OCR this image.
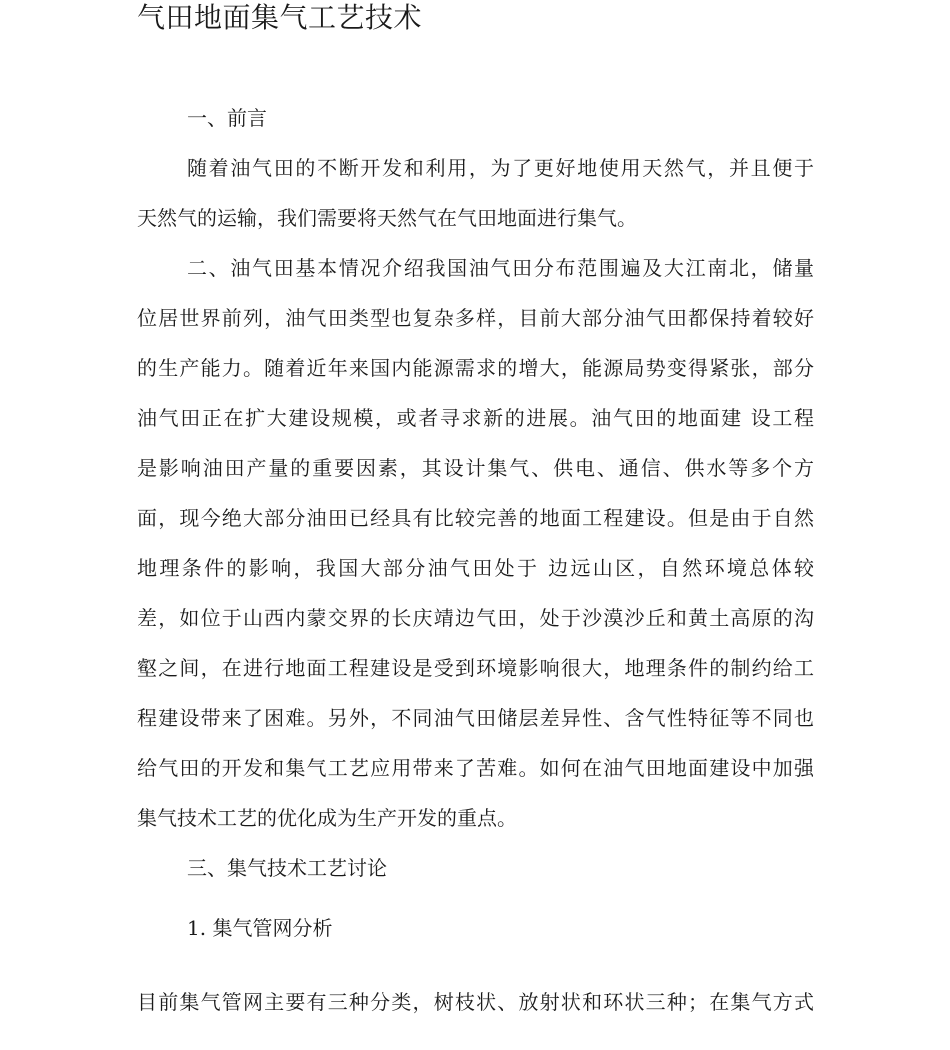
气田地面集气工艺技术
一、前言
随着油气田的不断开发和利用，为了更好地使用天然气，并且便于
天然气的运输，我们需要将天然气在气田地面进行集气。
二、油气田基本情况介绍我国油气田分布范围遍及大江南北，储量
位居世界前列，油气田类型也复杂多样，目前大部分油气田都保持着较好
的生产能力。随着近年来国内能源需求的增大，能源局势变得紧张，部分
油气田正在扩大建设规模，或者寻求新的进展。油气田的地面建 设工程
是影响油田产量的重要因素，其设计集气、供电、通信、供水等多个方
面，现今绝大部分油田已经具有比较完善的地面工程建设。但是由于自然
地理条件的影响，我国大部分油气田处于 边远山区，自然环境总体较
差，如位于山西内蒙交界的长庆靖边气田，处于沙漠沙丘和黄土高原的沟
壑之间，在进行地面工程建设是受到环境影响很大，地理条件的制约给工
程建设带来了困难。另外，不同油气田储层差异性、含气性特征等不同也
给气田的开发和集气工艺应用带来了苦难。如何在油气田地面建设中加强
集气技术工艺的优化成为生产开发的重点。
三、集气技术工艺讨论
1. 集气管网分析
目前集气管网主要有三种分类，树枝状、放射状和环状三种；在集气方式
